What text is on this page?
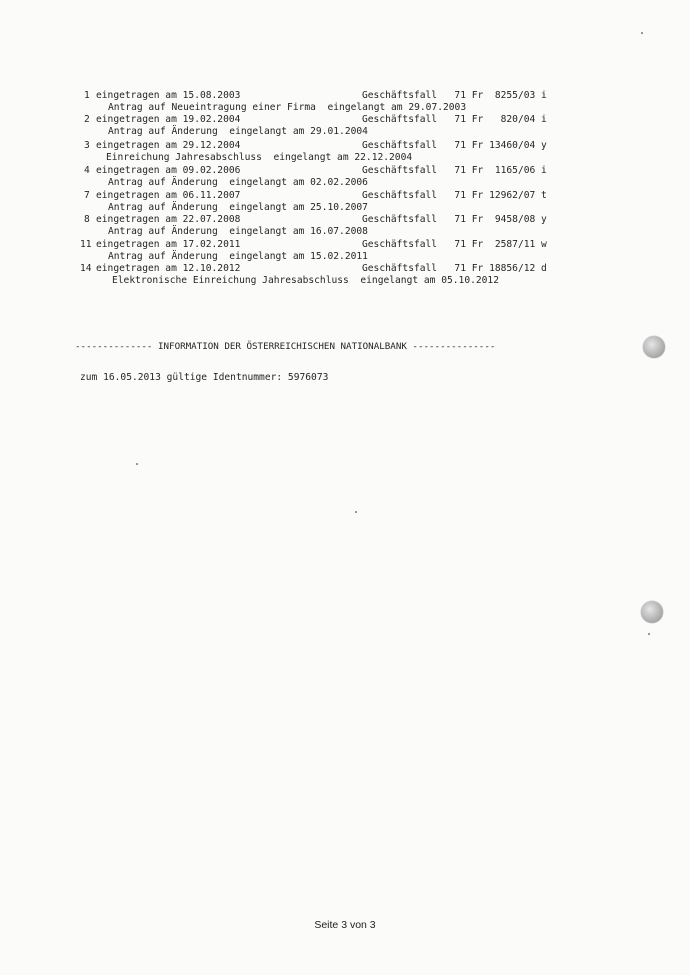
1 eingetragen am 15.08.2003	Geschäftsfall   71 Fr  8255/03 i
Antrag auf Neueintragung einer Firma  eingelangt am 29.07.2003
2 eingetragen am 19.02.2004	Geschäftsfall   71 Fr   820/04 i
Antrag auf Änderung  eingelangt am 29.01.2004
3 eingetragen am 29.12.2004	Geschäftsfall   71 Fr 13460/04 y
Einreichung Jahresabschluss  eingelangt am 22.12.2004
4 eingetragen am 09.02.2006	Geschäftsfall   71 Fr  1165/06 i
Antrag auf Änderung  eingelangt am 02.02.2006
7 eingetragen am 06.11.2007	Geschäftsfall   71 Fr 12962/07 t
Antrag auf Änderung  eingelangt am 25.10.2007
8 eingetragen am 22.07.2008	Geschäftsfall   71 Fr  9458/08 y
Antrag auf Änderung  eingelangt am 16.07.2008
11 eingetragen am 17.02.2011	Geschäftsfall   71 Fr  2587/11 w
Antrag auf Änderung  eingelangt am 15.02.2011
14 eingetragen am 12.10.2012	Geschäftsfall   71 Fr 18856/12 d
Elektronische Einreichung Jahresabschluss  eingelangt am 05.10.2012
-------------- INFORMATION DER ÖSTERREICHISCHEN NATIONALBANK ---------------
zum 16.05.2013 gültige Identnummer: 5976073
Seite 3 von 3
